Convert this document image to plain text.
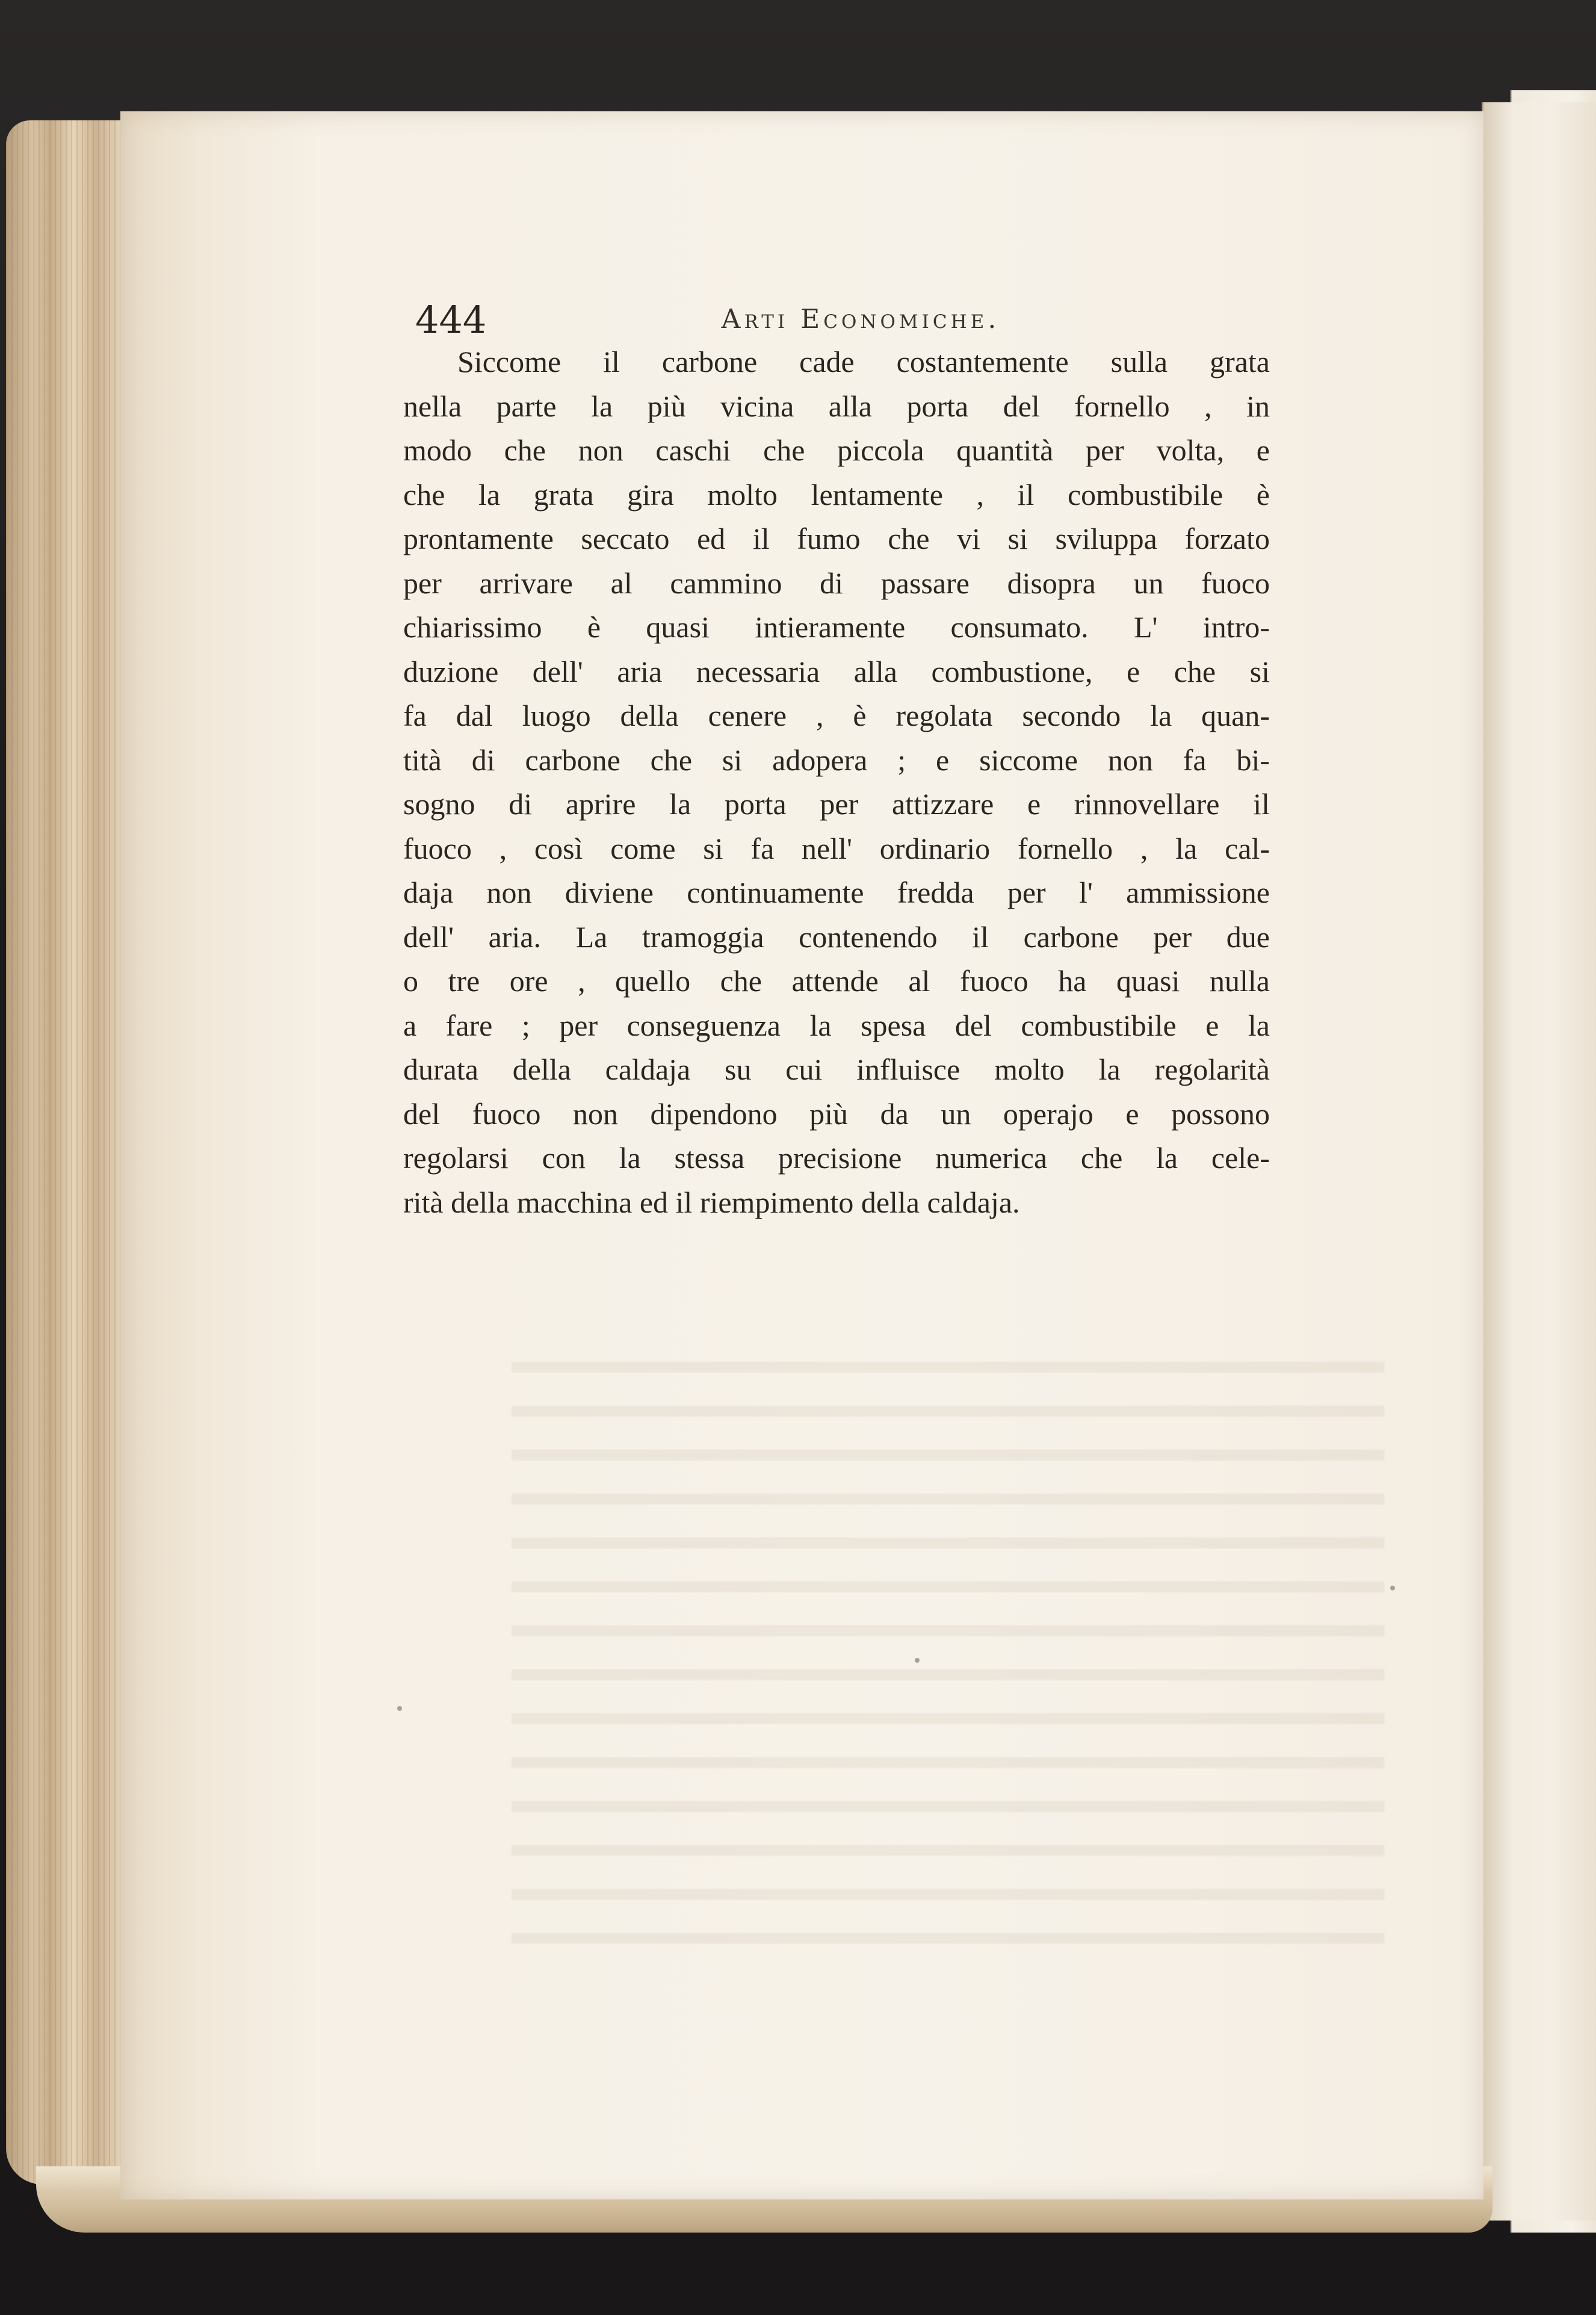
444	Arti Economiche.
Siccome il carbone cade costantemente sulla grata
nella parte la più vicina alla porta del fornello , in
modo che non caschi che piccola quantità per volta, e
che la grata gira molto lentamente , il combustibile è
prontamente seccato ed il fumo che vi si sviluppa forzato
per arrivare al cammino di passare disopra un fuoco
chiarissimo è quasi intieramente consumato. L' intro-
duzione dell' aria necessaria alla combustione, e che si
fa dal luogo della cenere , è regolata secondo la quan-
tità di carbone che si adopera ; e siccome non fa bi-
sogno di aprire la porta per attizzare e rinnovellare il
fuoco , così come si fa nell' ordinario fornello , la cal-
daja non diviene continuamente fredda per l' ammissione
dell' aria. La tramoggia contenendo il carbone per due
o tre ore , quello che attende al fuoco ha quasi nulla
a fare ; per conseguenza la spesa del combustibile e la
durata della caldaja su cui influisce molto la regolarità
del fuoco non dipendono più da un operajo e possono
regolarsi con la stessa precisione numerica che la cele-
rità della macchina ed il riempimento della caldaja.
